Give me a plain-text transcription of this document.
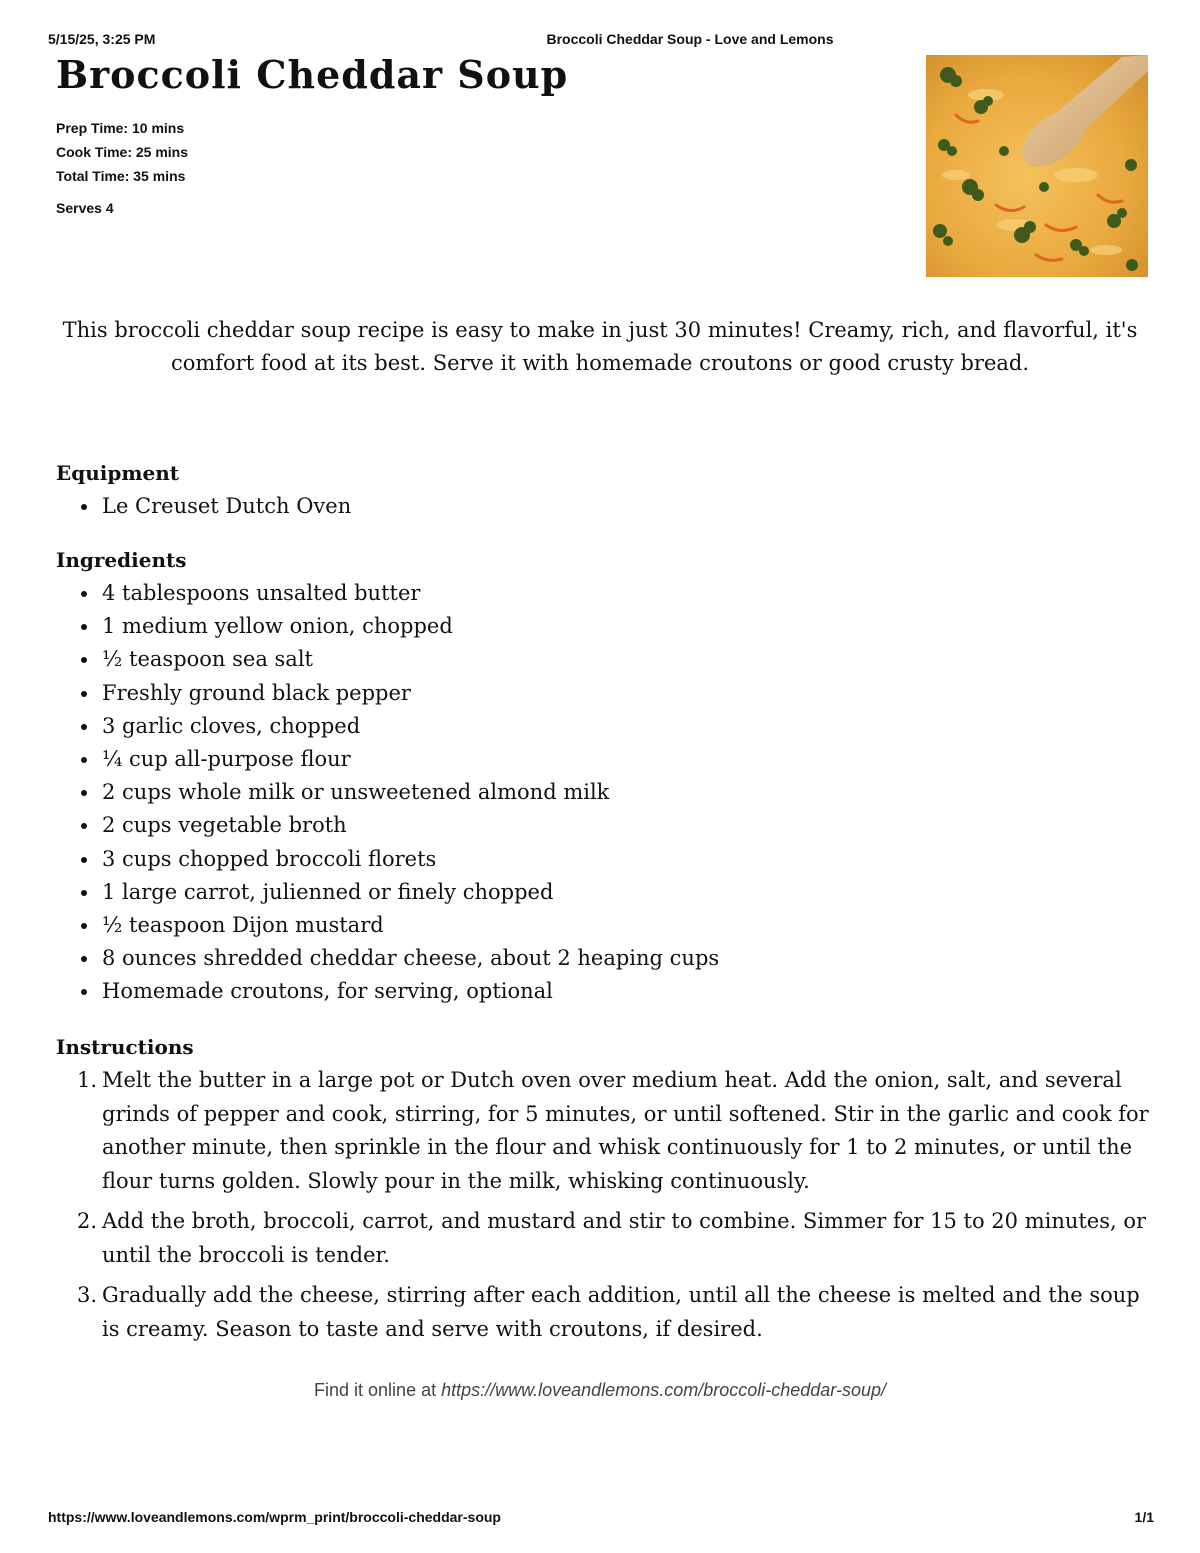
5/15/25, 3:25 PM	Broccoli Cheddar Soup - Love and Lemons
Broccoli Cheddar Soup
Prep Time: 10 mins
Cook Time: 25 mins
Total Time: 35 mins
Serves 4
This broccoli cheddar soup recipe is easy to make in just 30 minutes! Creamy, rich, and flavorful, it's comfort food at its best. Serve it with homemade croutons or good crusty bread.
Equipment
Le Creuset Dutch Oven
Ingredients
4 tablespoons unsalted butter
1 medium yellow onion, chopped
½ teaspoon sea salt
Freshly ground black pepper
3 garlic cloves, chopped
¼ cup all-purpose flour
2 cups whole milk or unsweetened almond milk
2 cups vegetable broth
3 cups chopped broccoli florets
1 large carrot, julienned or finely chopped
½ teaspoon Dijon mustard
8 ounces shredded cheddar cheese, about 2 heaping cups
Homemade croutons, for serving, optional
Instructions
1. Melt the butter in a large pot or Dutch oven over medium heat. Add the onion, salt, and several grinds of pepper and cook, stirring, for 5 minutes, or until softened. Stir in the garlic and cook for another minute, then sprinkle in the flour and whisk continuously for 1 to 2 minutes, or until the flour turns golden. Slowly pour in the milk, whisking continuously.
2. Add the broth, broccoli, carrot, and mustard and stir to combine. Simmer for 15 to 20 minutes, or until the broccoli is tender.
3. Gradually add the cheese, stirring after each addition, until all the cheese is melted and the soup is creamy. Season to taste and serve with croutons, if desired.
Find it online at https://www.loveandlemons.com/broccoli-cheddar-soup/
https://www.loveandlemons.com/wprm_print/broccoli-cheddar-soup	1/1
